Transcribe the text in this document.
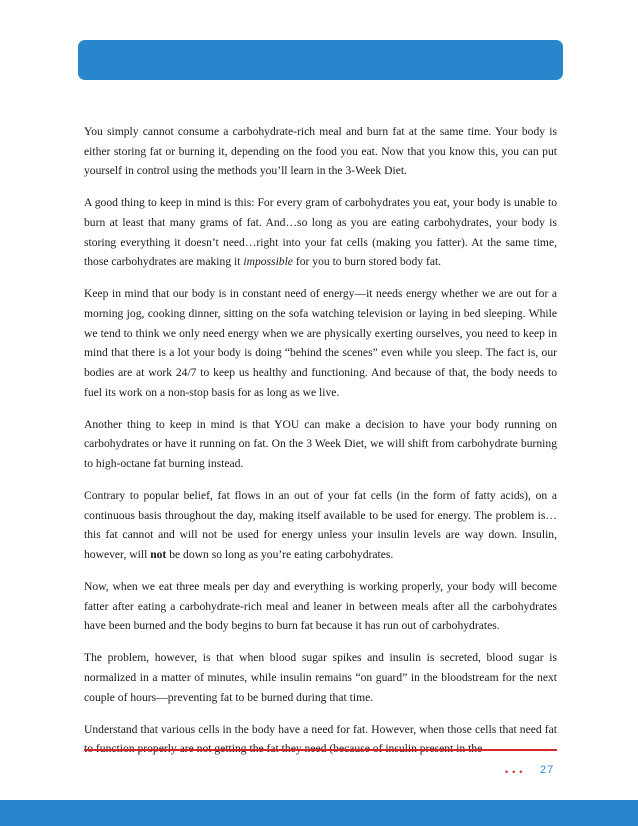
THE 3-WEEK DIET—INTRODUCTION MANUAL

You simply cannot consume a carbohydrate-rich meal and burn fat at the same time. Your body is either storing fat or burning it, depending on the food you eat. Now that you know this, you can put yourself in control using the methods you’ll learn in the 3-Week Diet.

A good thing to keep in mind is this: For every gram of carbohydrates you eat, your body is unable to burn at least that many grams of fat. And…so long as you are eating carbohydrates, your body is storing everything it doesn’t need…right into your fat cells (making you fatter). At the same time, those carbohydrates are making it impossible for you to burn stored body fat.

Keep in mind that our body is in constant need of energy—it needs energy whether we are out for a morning jog, cooking dinner, sitting on the sofa watching television or laying in bed sleeping. While we tend to think we only need energy when we are physically exerting ourselves, you need to keep in mind that there is a lot your body is doing “behind the scenes” even while you sleep. The fact is, our bodies are at work 24/7 to keep us healthy and functioning. And because of that, the body needs to fuel its work on a non-stop basis for as long as we live.

Another thing to keep in mind is that YOU can make a decision to have your body running on carbohydrates or have it running on fat. On the 3 Week Diet, we will shift from carbohydrate burning to high-octane fat burning instead.

Contrary to popular belief, fat flows in an out of your fat cells (in the form of fatty acids), on a continuous basis throughout the day, making itself available to be used for energy. The problem is…this fat cannot and will not be used for energy unless your insulin levels are way down. Insulin, however, will not be down so long as you’re eating carbohydrates.

Now, when we eat three meals per day and everything is working properly, your body will become fatter after eating a carbohydrate-rich meal and leaner in between meals after all the carbohydrates have been burned and the body begins to burn fat because it has run out of carbohydrates.

The problem, however, is that when blood sugar spikes and insulin is secreted, blood sugar is normalized in a matter of minutes, while insulin remains “on guard” in the bloodstream for the next couple of hours—preventing fat to be burned during that time.

Understand that various cells in the body have a need for fat. However, when those cells that need fat

••• 27
